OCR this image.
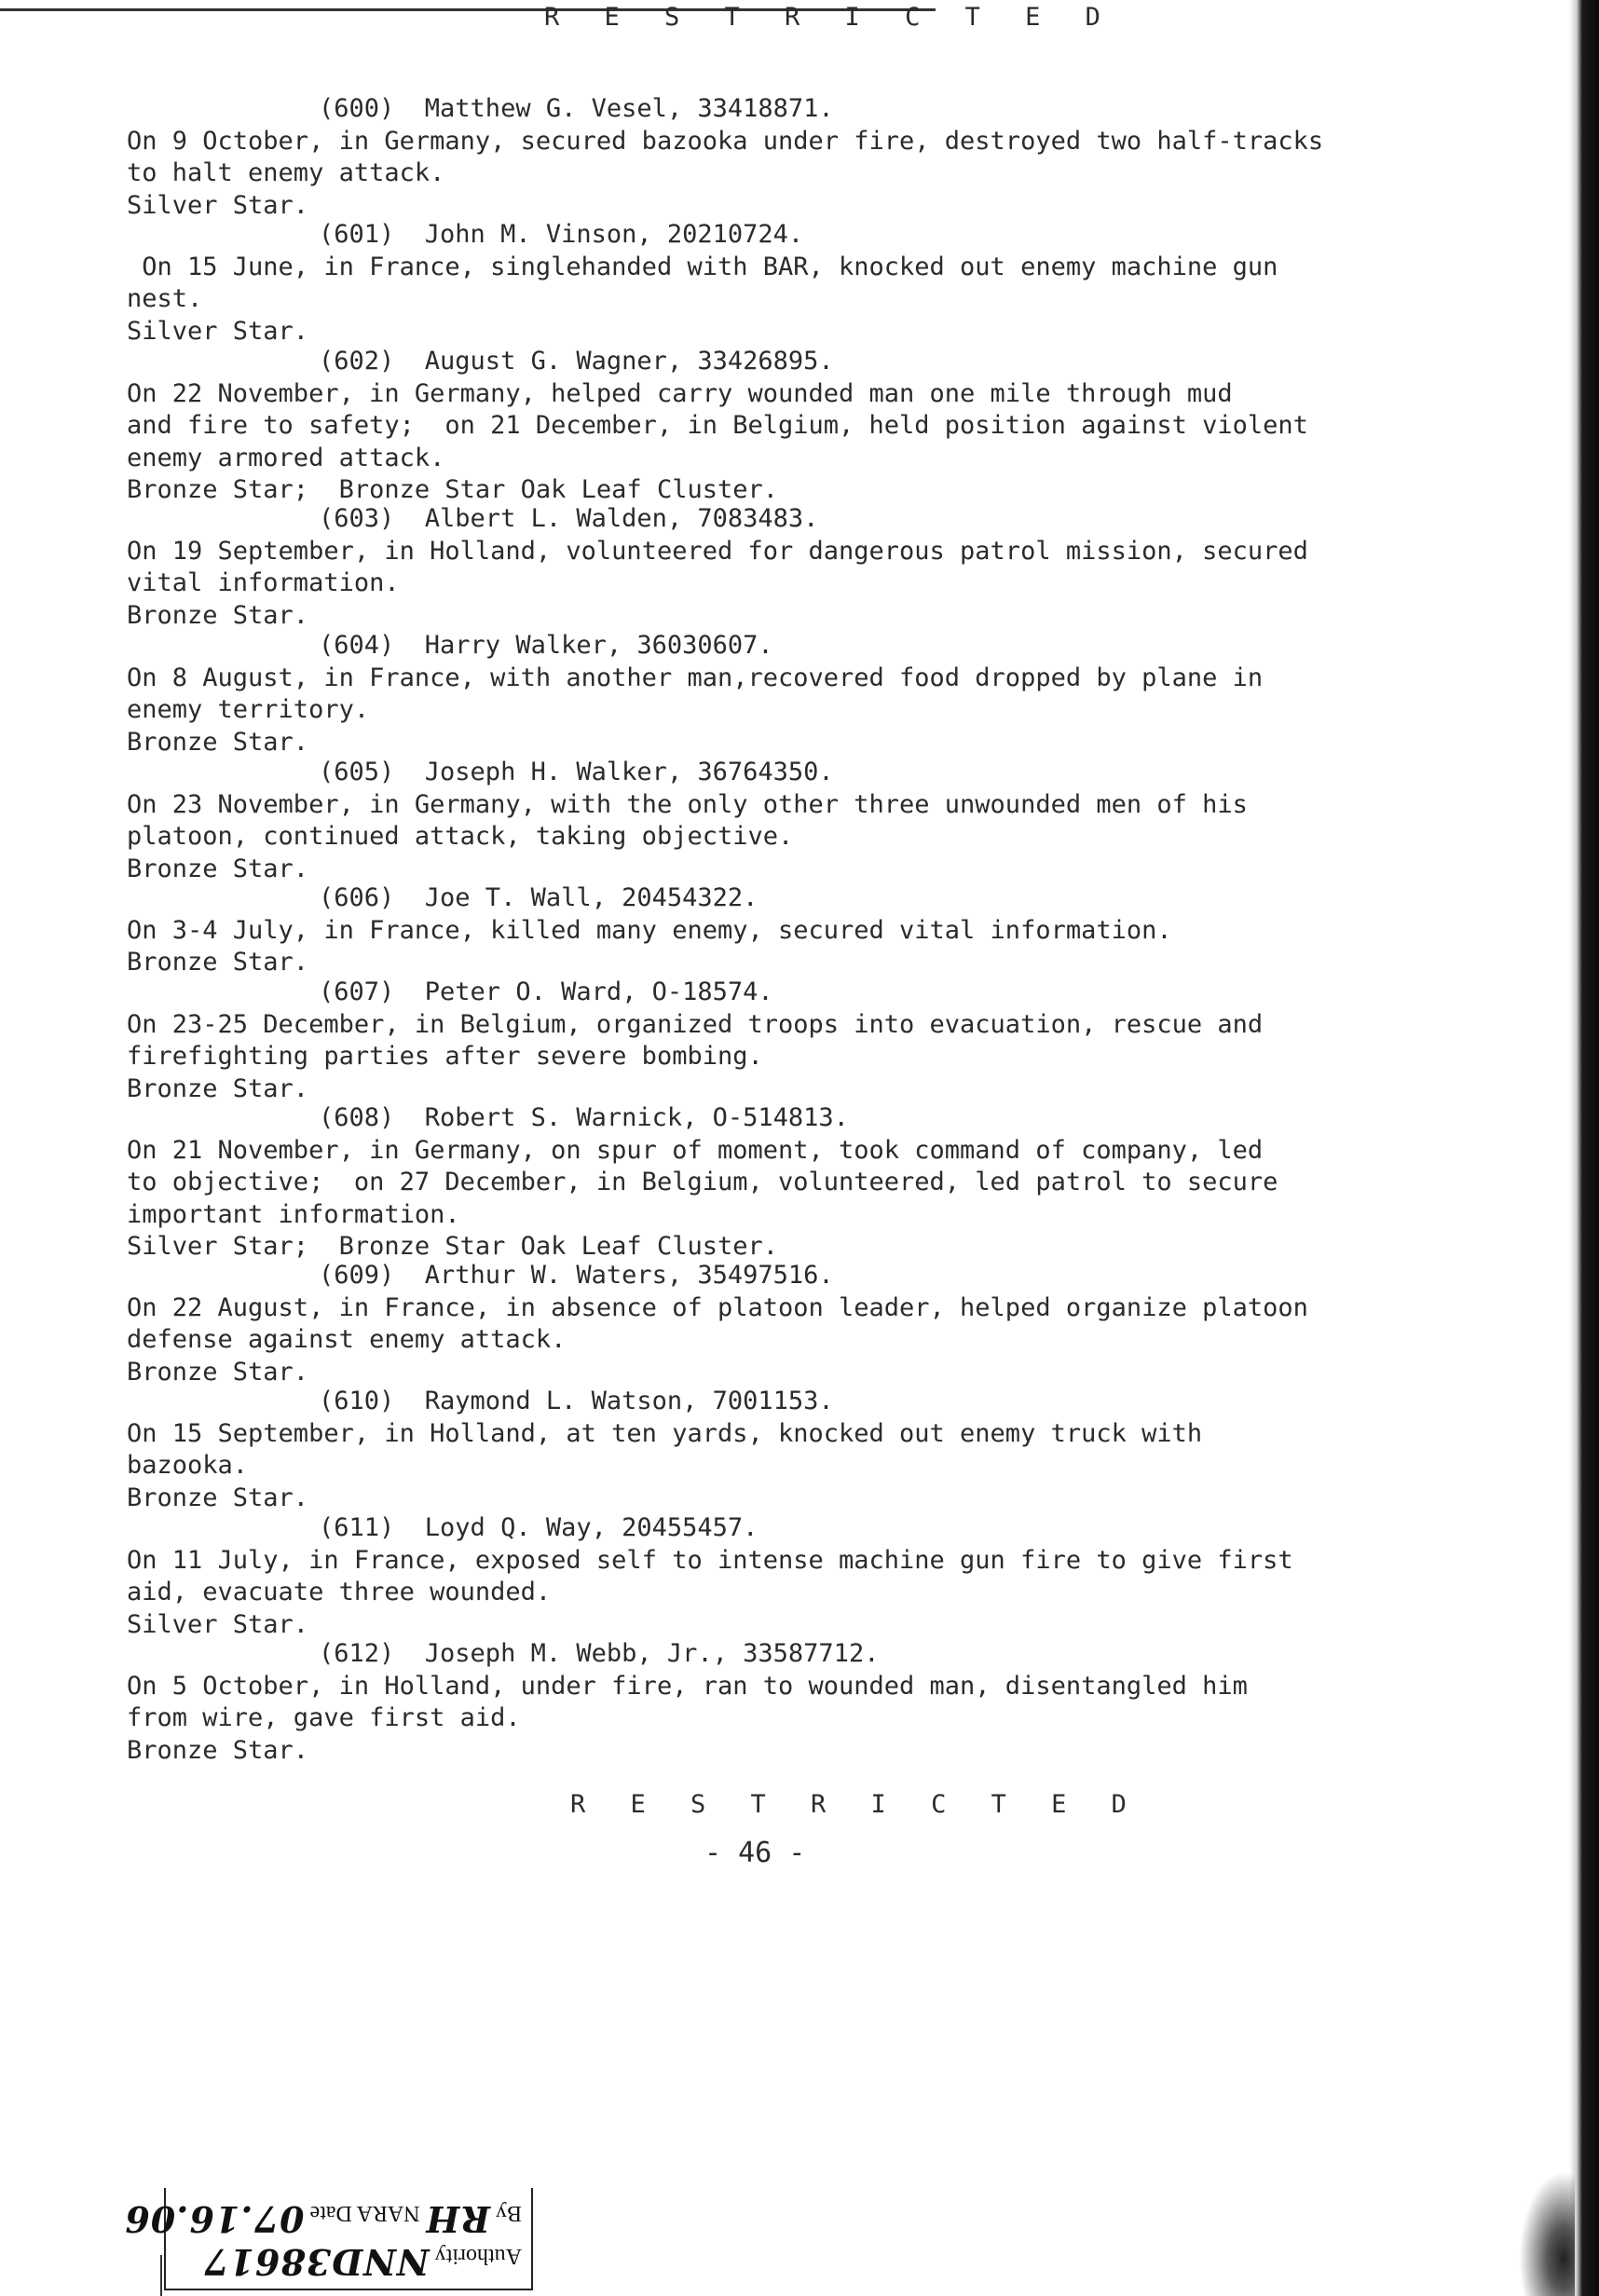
R E S T R I C T E D
(600)  Matthew G. Vesel, 33418871.
On 9 October, in Germany, secured bazooka under fire, destroyed two half-tracks
to halt enemy attack.
Silver Star.
(601)  John M. Vinson, 20210724.
On 15 June, in France, singlehanded with BAR, knocked out enemy machine gun
nest.
Silver Star.
(602)  August G. Wagner, 33426895.
On 22 November, in Germany, helped carry wounded man one mile through mud
and fire to safety;  on 21 December, in Belgium, held position against violent
enemy armored attack.
Bronze Star;  Bronze Star Oak Leaf Cluster.
(603)  Albert L. Walden, 7083483.
On 19 September, in Holland, volunteered for dangerous patrol mission, secured
vital information.
Bronze Star.
(604)  Harry Walker, 36030607.
On 8 August, in France, with another man,recovered food dropped by plane in
enemy territory.
Bronze Star.
(605)  Joseph H. Walker, 36764350.
On 23 November, in Germany, with the only other three unwounded men of his
platoon, continued attack, taking objective.
Bronze Star.
(606)  Joe T. Wall, 20454322.
On 3-4 July, in France, killed many enemy, secured vital information.
Bronze Star.
(607)  Peter O. Ward, O-18574.
On 23-25 December, in Belgium, organized troops into evacuation, rescue and
firefighting parties after severe bombing.
Bronze Star.
(608)  Robert S. Warnick, O-514813.
On 21 November, in Germany, on spur of moment, took command of company, led
to objective;  on 27 December, in Belgium, volunteered, led patrol to secure
important information.
Silver Star;  Bronze Star Oak Leaf Cluster.
(609)  Arthur W. Waters, 35497516.
On 22 August, in France, in absence of platoon leader, helped organize platoon
defense against enemy attack.
Bronze Star.
(610)  Raymond L. Watson, 7001153.
On 15 September, in Holland, at ten yards, knocked out enemy truck with
bazooka.
Bronze Star.
(611)  Loyd Q. Way, 20455457.
On 11 July, in France, exposed self to intense machine gun fire to give first
aid, evacuate three wounded.
Silver Star.
(612)  Joseph M. Webb, Jr., 33587712.
On 5 October, in Holland, under fire, ran to wounded man, disentangled him
from wire, gave first aid.
Bronze Star.
R E S T R I C T E D
- 46 -
Authority NND38617
By RH NARA Date 07.16.06
